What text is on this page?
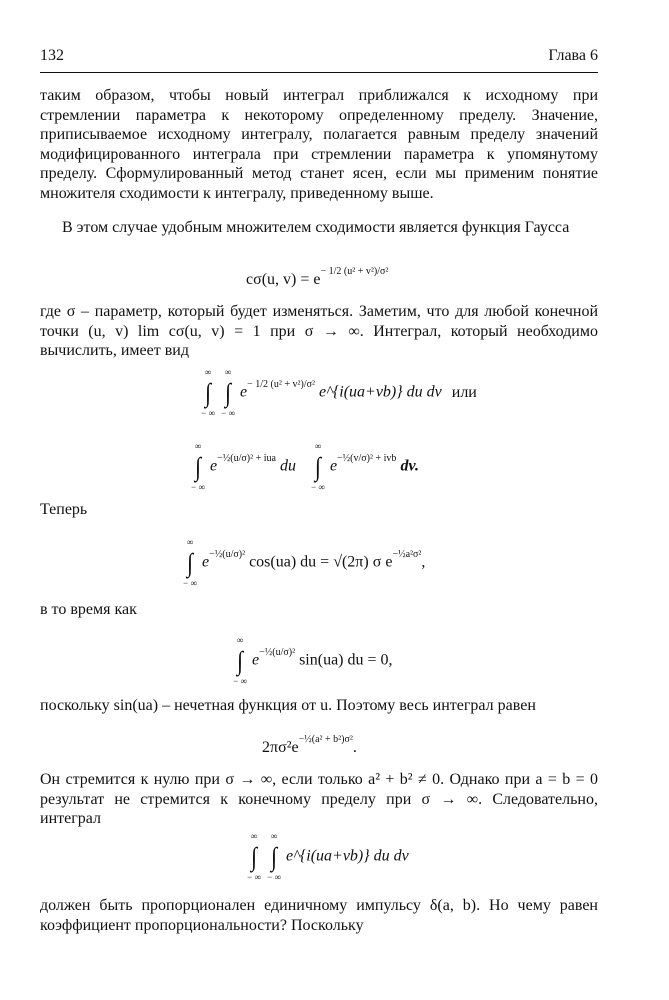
132	Глава 6

таким образом, чтобы новый интеграл приближался к исходному при стремлении параметра к некоторому определенному пределу. Значение, приписываемое исходному интегралу, полагается равным пределу значений модифицированного интеграла при стремлении параметра к упомянутому пределу. Сформулированный метод станет ясен, если мы применим понятие множителя сходимости к интегралу, приведенному выше.

В этом случае удобным множителем сходимости является функция Гаусса

cσ(u, $v) = e^{- 1/2 (u^2 + v^2)/\sigma^2}$

где σ – параметр, который будет изменяться. Заметим, что для любой конечной точки (u, v) lim cσ(u, v) = 1 при σ → ∞. Интеграл, который необходимо вычислить, имеет вид

∞
∫
− ∞

∞
∫
− ∞
$e^{- 1/2 (u^2 + v^2)/\sigma^2}$ e^{i(ua+vb)} du dv или
∞
∫
− ∞
$e^{-\frac{1}{2}(u/\sigma)^2 + iua}$ du
∞
∫
− ∞
$e^{-\frac{1}{2}(v/\sigma)^2 + ivb}$ dv.

Теперь

∞
∫
− ∞
$e^{-\frac{1}{2}(u/\sigma)^2}$ cos(ua) du = √(2π) σ $e^{-\frac{1}{2}a^2\sigma^2}$,

в то время как

∞
∫
− ∞
$e^{-\frac{1}{2}(u/\sigma)^2}$ sin(ua) du = 0,

поскольку sin(ua) – нечетная функция от u. Поэтому весь интеграл равен

$2\pi\sigma^2e^{-\frac{1}{2}(a^2 + b^2)\sigma^2}$.

Он стремится к нулю при σ → ∞, если только a² + b² ≠ 0. Однако при a = b = 0 результат не стремится к конечному пределу при σ → ∞. Следовательно, интеграл

∞
∫
− ∞

∞
∫
− ∞
e^{i(ua+vb)} du dv

должен быть пропорционален единичному импульсу δ(a, b). Но чему равен коэффициент пропорциональности? Поскольку
